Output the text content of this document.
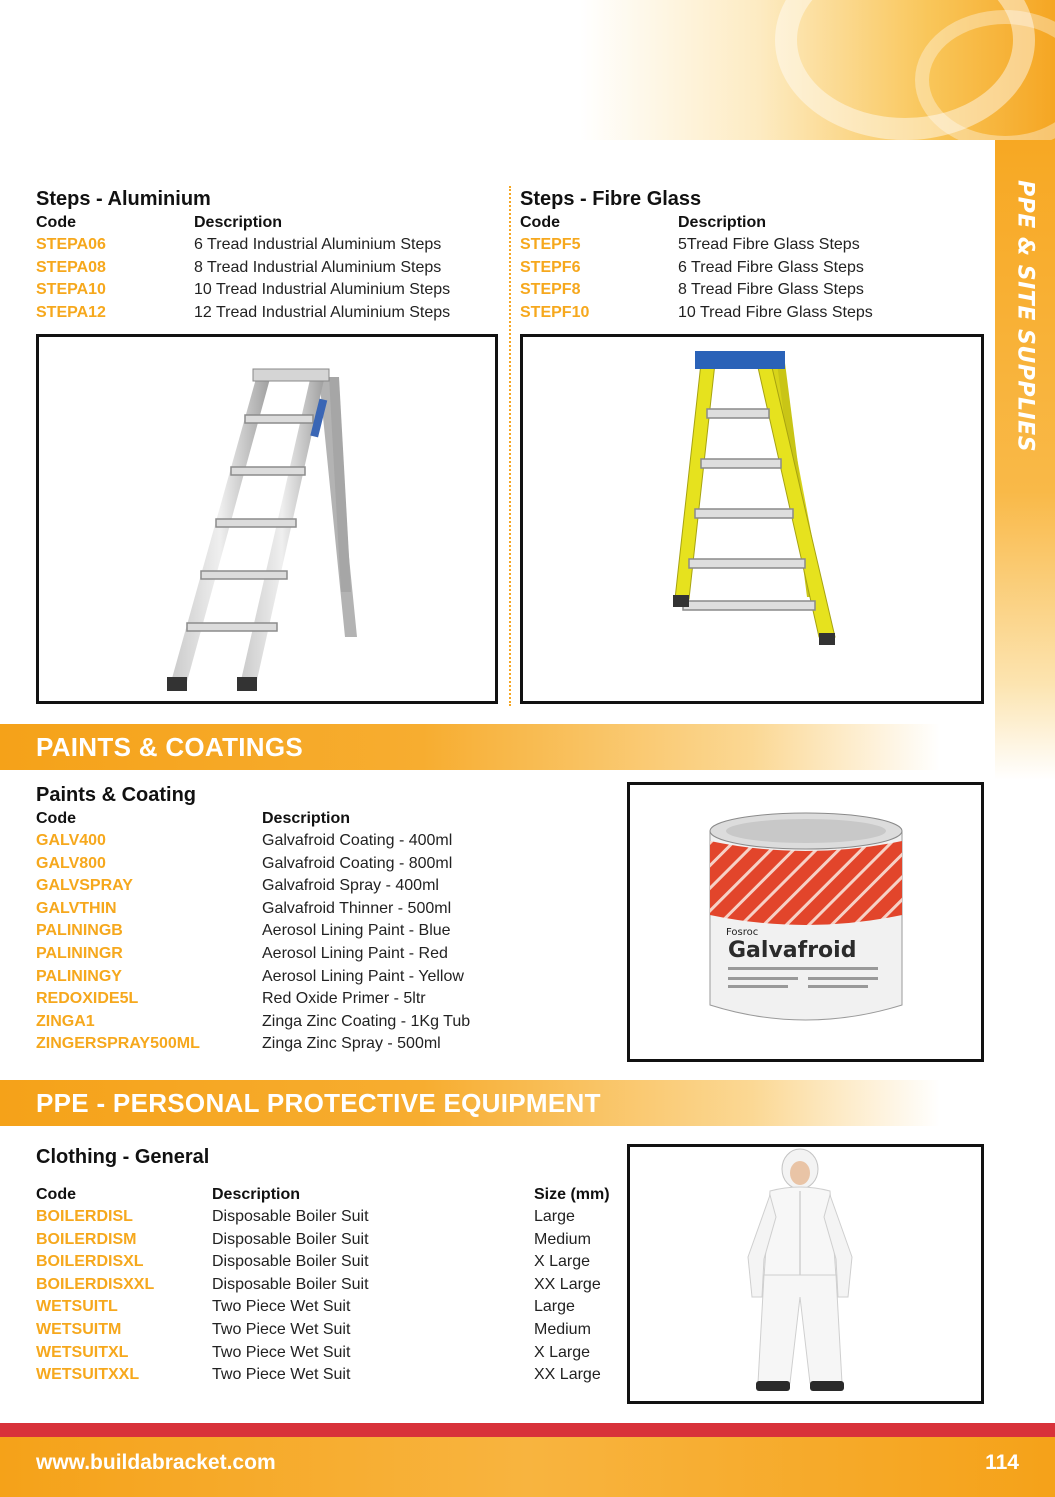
PPE & SITE SUPPLIES
Steps - Aluminium
Code	Description
STEPA06	6 Tread Industrial Aluminium Steps
STEPA08	8 Tread Industrial Aluminium Steps
STEPA10	10 Tread Industrial Aluminium Steps
STEPA12	12 Tread Industrial Aluminium Steps
Steps - Fibre Glass
Code	Description
STEPF5	5Tread Fibre Glass Steps
STEPF6	6 Tread Fibre Glass Steps
STEPF8	8 Tread Fibre Glass Steps
STEPF10	10 Tread Fibre Glass Steps
PAINTS & COATINGS
Paints & Coating
Code	Description
GALV400	Galvafroid Coating - 400ml
GALV800	Galvafroid Coating - 800ml
GALVSPRAY	Galvafroid Spray - 400ml
GALVTHIN	Galvafroid Thinner - 500ml
PALININGB	Aerosol Lining Paint - Blue
PALININGR	Aerosol Lining Paint - Red
PALININGY	Aerosol Lining Paint - Yellow
REDOXIDE5L	Red Oxide Primer - 5ltr
ZINGA1	Zinga Zinc Coating - 1Kg Tub
ZINGERSPRAY500ML	Zinga Zinc Spray - 500ml
Fosroc
Galvafroid
PPE - PERSONAL PROTECTIVE EQUIPMENT
Clothing - General
Code	Description	Size (mm)
BOILERDISL	Disposable Boiler Suit	Large
BOILERDISM	Disposable Boiler Suit	Medium
BOILERDISXL	Disposable Boiler Suit	X Large
BOILERDISXXL	Disposable Boiler Suit	XX Large
WETSUITL	Two Piece Wet Suit	Large
WETSUITM	Two Piece Wet Suit	Medium
WETSUITXL	Two Piece Wet Suit	X Large
WETSUITXXL	Two Piece Wet Suit	XX Large
www.buildabracket.com	114
